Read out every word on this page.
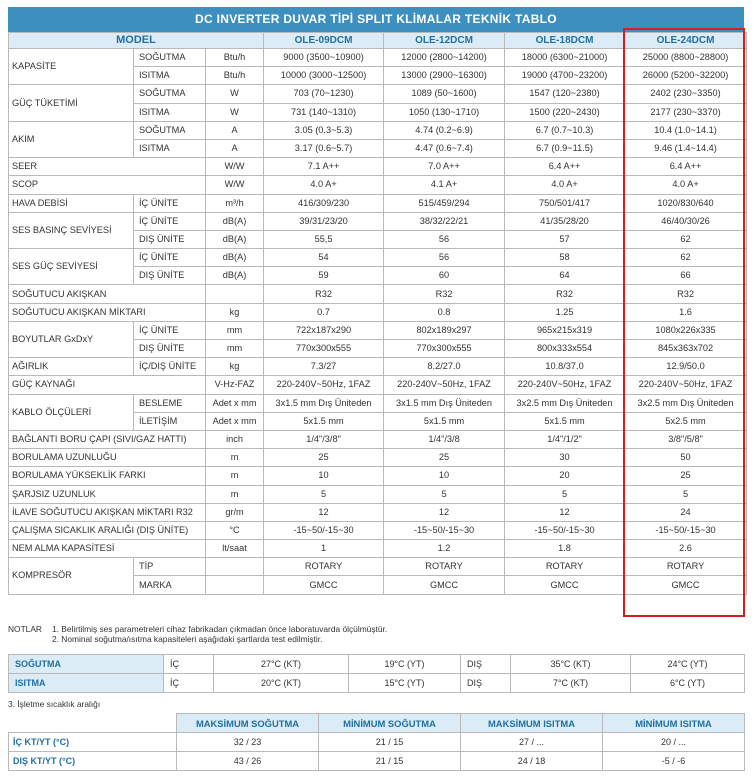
DC INVERTER DUVAR TİPİ SPLIT KLİMALAR TEKNİK TABLO
MODEL			OLE-09DCM	OLE-12DCM	OLE-18DCM	OLE-24DCM
KAPASİTE	SOĞUTMA	Btu/h	9000 (3500~10900)	12000 (2800~14200)	18000 (6300~21000)	25000 (8800~28800)
	ISITMA	Btu/h	10000 (3000~12500)	13000 (2900~16300)	19000 (4700~23200)	26000 (5200~32200)
GÜÇ TÜKETİMİ	SOĞUTMA	W	703 (70~1230)	1089 (50~1600)	1547 (120~2380)	2402 (230~3350)
	ISITMA	W	731 (140~1310)	1050 (130~1710)	1500 (220~2430)	2177 (230~3370)
AKIM	SOĞUTMA	A	3.05 (0.3~5.3)	4.74 (0.2~6.9)	6.7 (0.7~10.3)	10.4 (1.0~14.1)
	ISITMA	A	3.17 (0.6~5.7)	4.47 (0.6~7.4)	6.7 (0.9~11.5)	9.46 (1.4~14.4)
SEER		W/W	7.1 A++	7.0 A++	6.4 A++	6.4 A++
SCOP		W/W	4.0 A+	4.1 A+	4.0 A+	4.0 A+
HAVA DEBİSİ	İÇ ÜNİTE	m³/h	416/309/230	515/459/294	750/501/417	1020/830/640
SES BASINÇ SEVİYESİ	İÇ ÜNİTE	dB(A)	39/31/23/20	38/32/22/21	41/35/28/20	46/40/30/26
	DIŞ ÜNİTE	dB(A)	55,5	56	57	62
SES GÜÇ SEVİYESİ	İÇ ÜNİTE	dB(A)	54	56	58	62
	DIŞ ÜNİTE	dB(A)	59	60	64	66
SOĞUTUCU AKIŞKAN			R32	R32	R32	R32
SOĞUTUCU AKIŞKAN MİKTARI		kg	0.7	0.8	1.25	1.6
BOYUTLAR GxDxY	İÇ ÜNİTE	mm	722x187x290	802x189x297	965x215x319	1080x226x335
	DIŞ ÜNİTE	mm	770x300x555	770x300x555	800x333x554	845x363x702
AĞIRLIK	İÇ/DIŞ ÜNİTE	kg	7.3/27	8.2/27.0	10.8/37.0	12.9/50.0
GÜÇ KAYNAĞI		V-Hz-FAZ	220-240V~50Hz, 1FAZ	220-240V~50Hz, 1FAZ	220-240V~50Hz, 1FAZ	220-240V~50Hz, 1FAZ
KABLO ÖLÇÜLERİ	BESLEME	Adet x mm	3x1.5 mm Dış Üniteden	3x1.5 mm Dış Üniteden	3x2.5 mm Dış Üniteden	3x2.5 mm Dış Üniteden
	İLETİŞİM	Adet x mm	5x1.5 mm	5x1.5 mm	5x1.5 mm	5x2.5 mm
BAĞLANTI BORU ÇAPI (SIVI/GAZ HATTI)		inch	1/4"/3/8"	1/4"/3/8	1/4"/1/2"	3/8"/5/8"
BORULAMA UZUNLUĞU		m	25	25	30	50
BORULAMA YÜKSEKLİK FARKI		m	10	10	20	25
ŞARJSIZ UZUNLUK		m	5	5	5	5
İLAVE SOĞUTUCU AKIŞKAN MİKTARI R32		gr/m	12	12	12	24
ÇALIŞMA SICAKLIK ARALIĞI (DIŞ ÜNİTE)		°C	-15~50/-15~30	-15~50/-15~30	-15~50/-15~30	-15~50/-15~30
NEM ALMA KAPASİTESİ		lt/saat	1	1.2	1.8	2.6
KOMPRESÖR	TİP		ROTARY	ROTARY	ROTARY	ROTARY
	MARKA		GMCC	GMCC	GMCC	GMCC
NOTLAR 1. Belirtilmiş ses parametreleri cihaz fabrikadan çıkmadan önce laboratuvarda ölçülmüştür.
2. Nominal soğutma/ısıtma kapasiteleri aşağıdaki şartlarda test edilmiştir.
SOĞUTMA	İÇ	27°C (KT)	19°C (YT)	DIŞ	35°C (KT)	24°C (YT)
ISITMA	İÇ	20°C (KT)	15°C (YT)	DIŞ	7°C (KT)	6°C (YT)
3. İşletme sıcaklık aralığı
	MAKSİMUM SOĞUTMA	MİNİMUM SOĞUTMA	MAKSİMUM ISITMA	MİNİMUM ISITMA
İÇ KT/YT (°C)	32 / 23	21 / 15	27 / ...	20 / ...
DIŞ KT/YT (°C)	43 / 26	21 / 15	24 / 18	-5 / -6
